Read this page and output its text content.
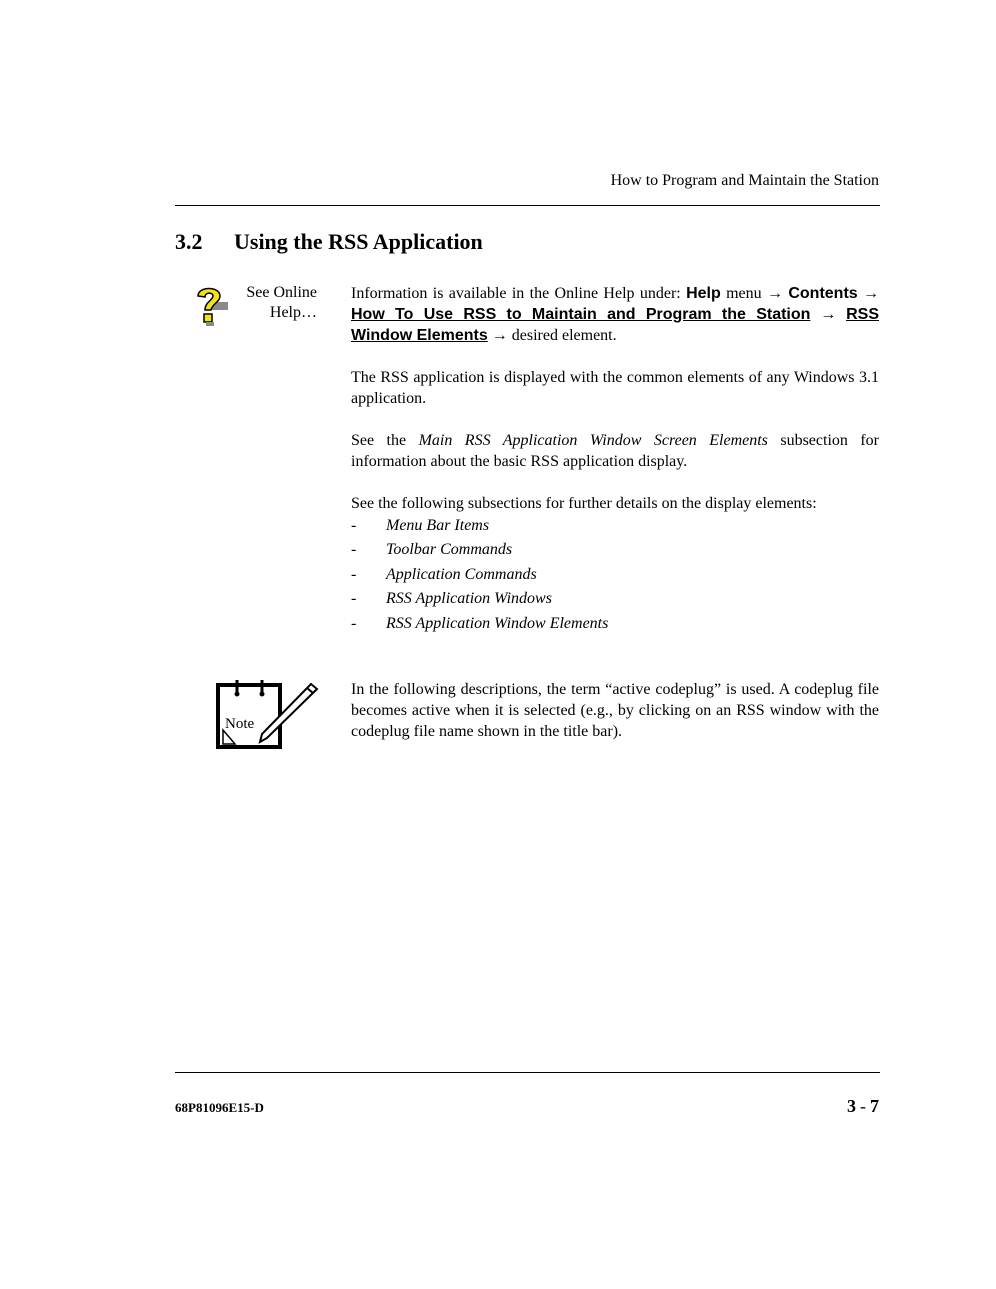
How to Program and Maintain the Station
3.2 Using the RSS Application
See Online
Help…
Information is available in the Online Help under: Help menu → Contents → How To Use RSS to Maintain and Program the Station → RSS Window Elements → desired element.
The RSS application is displayed with the common elements of any Windows 3.1 application.
See the Main RSS Application Window Screen Elements subsection for information about the basic RSS application display.
See the following subsections for further details on the display elements:
- Menu Bar Items
- Toolbar Commands
- Application Commands
- RSS Application Windows
- RSS Application Window Elements
Note
In the following descriptions, the term “active codeplug” is used. A codeplug file becomes active when it is selected (e.g., by clicking on an RSS window with the codeplug file name shown in the title bar).
68P81096E15-D	3 - 7
